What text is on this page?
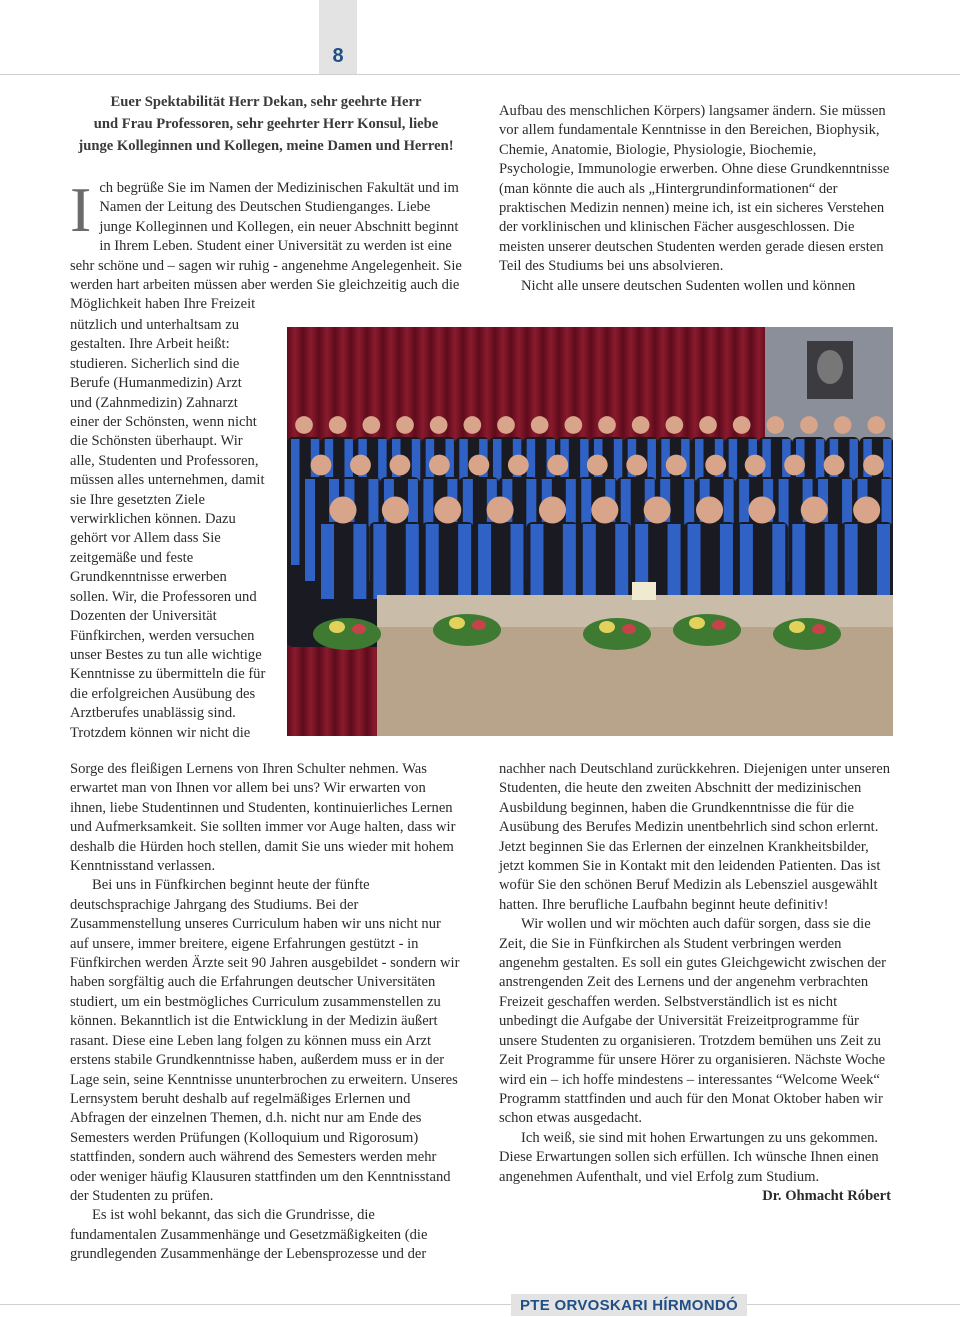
8
Euer Spektabilität Herr Dekan, sehr geehrte Herr
und Frau Professoren, sehr geehrter Herr Konsul, liebe
junge Kolleginnen und Kollegen, meine Damen und Herren!
I ch begrüße Sie im Namen der Medizinischen Fakultät und im Namen der Leitung des Deutschen Studienganges. Liebe junge Kolleginnen und Kollegen, ein neuer Abschnitt beginnt in Ihrem Leben. Student einer Universität zu werden ist eine sehr schöne und – sagen wir ruhig - angenehme Angelegenheit. Sie werden hart arbeiten müssen aber werden Sie gleichzeitig auch die Möglichkeit haben Ihre Freizeit

nützlich und unterhaltsam zu gestalten. Ihre Arbeit heißt: studieren. Sicherlich sind die Berufe (Humanmedizin) Arzt und (Zahnmedizin) Zahnarzt einer der Schönsten, wenn nicht die Schönsten überhaupt. Wir alle, Studenten und Professoren, müssen alles unternehmen, damit sie Ihre gesetzten Ziele verwirklichen können. Dazu gehört vor Allem dass Sie zeitgemäße und feste Grundkenntnisse erwerben sollen. Wir, die Professoren und Dozenten der Universität Fünfkirchen, werden versuchen unser Bestes zu tun alle wichtige Kenntnisse zu übermitteln die für die erfolgreichen Ausübung des Arztberufes unablässig sind. Trotzdem können wir nicht die

Sorge des fleißigen Lernens von Ihren Schulter nehmen. Was erwartet man von Ihnen vor allem bei uns? Wir erwarten von ihnen, liebe Studentinnen und Studenten, kontinuierliches Lernen und Aufmerksamkeit. Sie sollten immer vor Auge halten, dass wir deshalb die Hürden hoch stellen, damit Sie uns wieder mit hohem Kenntnisstand verlassen.

Bei uns in Fünfkirchen beginnt heute der fünfte deutschsprachige Jahrgang des Studiums. Bei der Zusammenstellung unseres Curriculum haben wir uns nicht nur auf unsere, immer breitere, eigene Erfahrungen gestützt - in Fünfkirchen werden Ärzte seit 90 Jahren ausgebildet - sondern wir haben sorgfältig auch die Erfahrungen deutscher Universitäten studiert, um ein bestmögliches Curriculum zusammenstellen zu können. Bekanntlich ist die Entwicklung in der Medizin äußert rasant. Diese eine Leben lang folgen zu können muss ein Arzt erstens stabile Grundkenntnisse haben, außerdem muss er in der Lage sein, seine Kenntnisse ununterbrochen zu erweitern. Unseres Lernsystem beruht deshalb auf regelmäßiges Erlernen und Abfragen der einzelnen Themen, d.h. nicht nur am Ende des Semesters werden Prüfungen (Kolloquium und Rigorosum) stattfinden, sondern auch während des Semesters werden mehr oder weniger häufig Klausuren stattfinden um den Kenntnisstand der Studenten zu prüfen.

Es ist wohl bekannt, das sich die Grundrisse, die fundamentalen Zusammenhänge und Gesetzmäßigkeiten (die grundlegenden Zusammenhänge der Lebensprozesse und der

Aufbau des menschlichen Körpers) langsamer ändern. Sie müssen vor allem fundamentale Kenntnisse in den Bereichen, Biophysik, Chemie, Anatomie, Biologie, Physiologie, Biochemie, Psychologie, Immunologie erwerben. Ohne diese Grundkenntnisse (man könnte die auch als „Hintergrundinformationen“ der praktischen Medizin nennen) meine ich, ist ein sicheres Verstehen der vorklinischen und klinischen Fächer ausgeschlossen. Die meisten unserer deutschen Studenten werden gerade diesen ersten Teil des Studiums bei uns absolvieren.

Nicht alle unsere deutschen Sudenten wollen und können

nachher nach Deutschland zurückkehren. Diejenigen unter unseren Studenten, die heute den zweiten Abschnitt der medizinischen Ausbildung beginnen, haben die Grundkenntnisse die für die Ausübung des Berufes Medizin unentbehrlich sind schon erlernt. Jetzt beginnen Sie das Erlernen der einzelnen Krankheitsbilder, jetzt kommen Sie in Kontakt mit den leidenden Patienten. Das ist wofür Sie den schönen Beruf Medizin als Lebensziel ausgewählt hatten. Ihre berufliche Laufbahn beginnt heute definitiv!

Wir wollen und wir möchten auch dafür sorgen, dass sie die Zeit, die Sie in Fünfkirchen als Student verbringen werden angenehm gestalten. Es soll ein gutes Gleichgewicht zwischen der anstrengenden Zeit des Lernens und der angenehm verbrachten Freizeit geschaffen werden. Selbstverständlich ist es nicht unbedingt die Aufgabe der Universität Freizeitprogramme für unsere Studenten zu organisieren. Trotzdem bemühen uns Zeit zu Zeit Programme für unsere Hörer zu organisieren. Nächste Woche wird ein – ich hoffe mindestens – interessantes “Welcome Week“ Programm stattfinden und auch für den Monat Oktober haben wir schon etwas ausgedacht.

Ich weiß, sie sind mit hohen Erwartungen zu uns gekommen. Diese Erwartungen sollen sich erfüllen. Ich wünsche Ihnen einen angenehmen Aufenthalt, und viel Erfolg zum Studium.

Dr. Ohmacht Róbert

PTE ORVOSKARI HÍRMONDÓ
